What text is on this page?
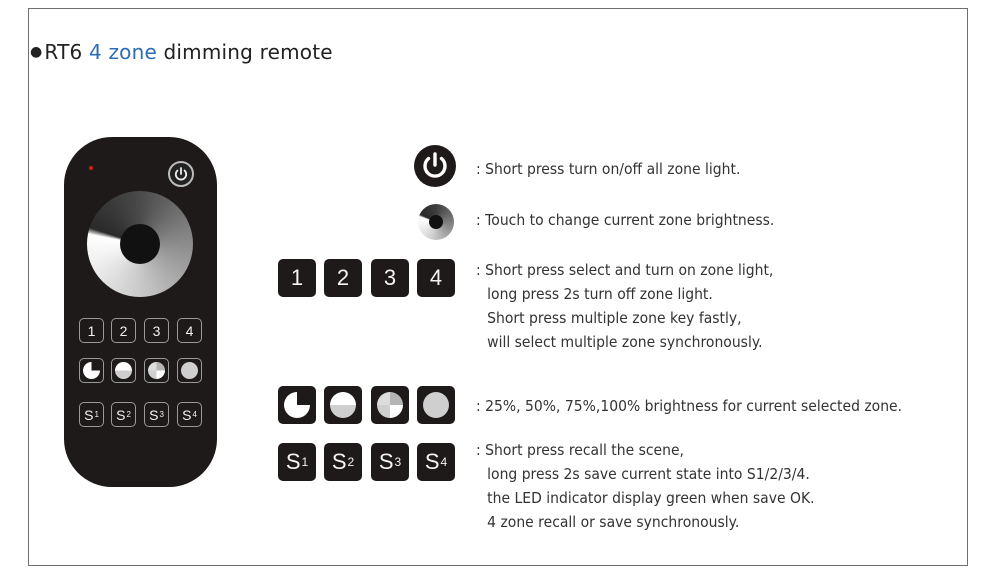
● RT6 4 zone dimming remote
1	2	3	4
S 1 S 2 S 3 S 4
: Short press turn on/off all zone light.
: Touch to change current zone brightness.
1	2	3	4	: Short press select and turn on zone light,
long press 2s turn off zone light.
Short press multiple zone key fastly,
will select multiple zone synchronously.
: 25%, 50%, 75%,100% brightness for current selected zone.
S 1 S 2 S 3 S 4
: Short press recall the scene,
long press 2s save current state into S1/2/3/4.
the LED indicator display green when save OK.
4 zone recall or save synchronously.
